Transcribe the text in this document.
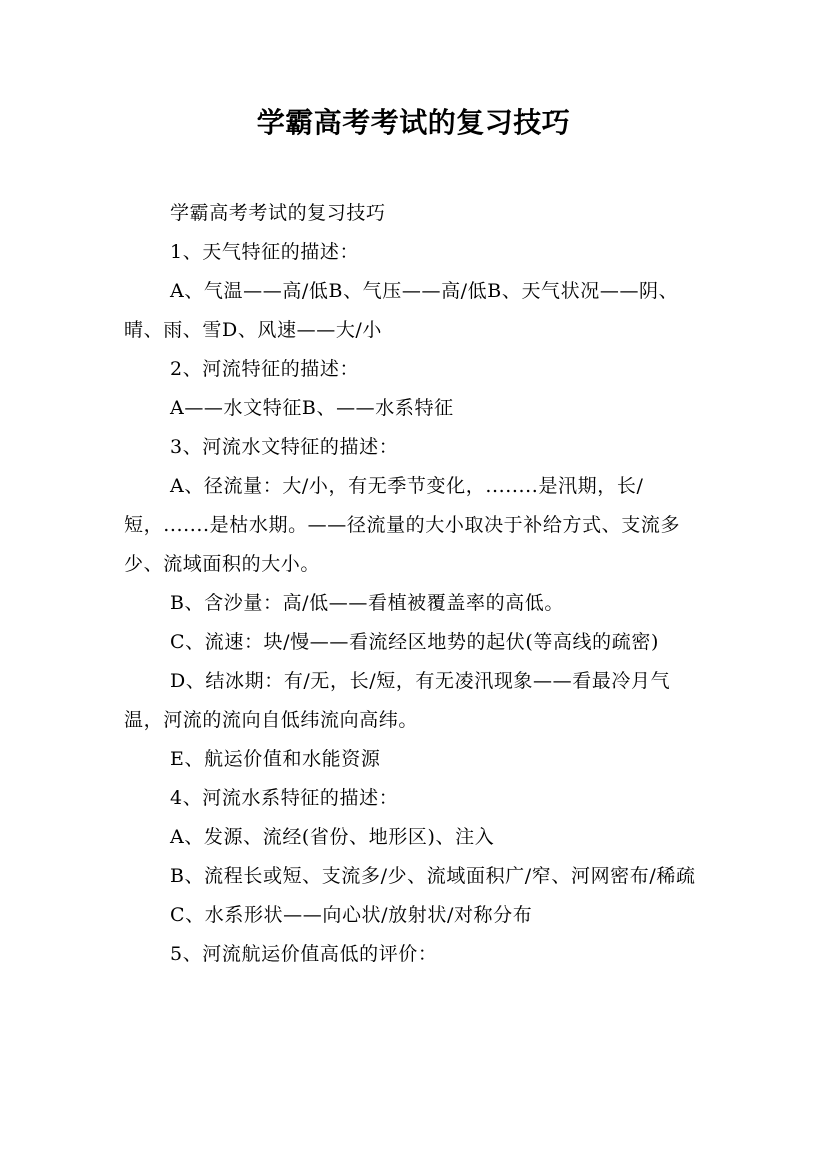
学霸高考考试的复习技巧

学霸高考考试的复习技巧

1、天气特征的描述：

A、气温——高/低B、气压——高/低B、天气状况——阴、晴、雨、雪D、风速——大/小

2、河流特征的描述：

A——水文特征B、——水系特征

3、河流水文特征的描述：

A、径流量：大/小，有无季节变化，........是汛期，长/短，.......是枯水期。——径流量的大小取决于补给方式、支流多少、流域面积的大小。

B、含沙量：高/低——看植被覆盖率的高低。

C、流速：块/慢——看流经区地势的起伏(等高线的疏密)

D、结冰期：有/无，长/短，有无凌汛现象——看最冷月气温，河流的流向自低纬流向高纬。

E、航运价值和水能资源

4、河流水系特征的描述：

A、发源、流经(省份、地形区)、注入

B、流程长或短、支流多/少、流域面积广/窄、河网密布/稀疏

C、水系形状——向心状/放射状/对称分布

5、河流航运价值高低的评价：
